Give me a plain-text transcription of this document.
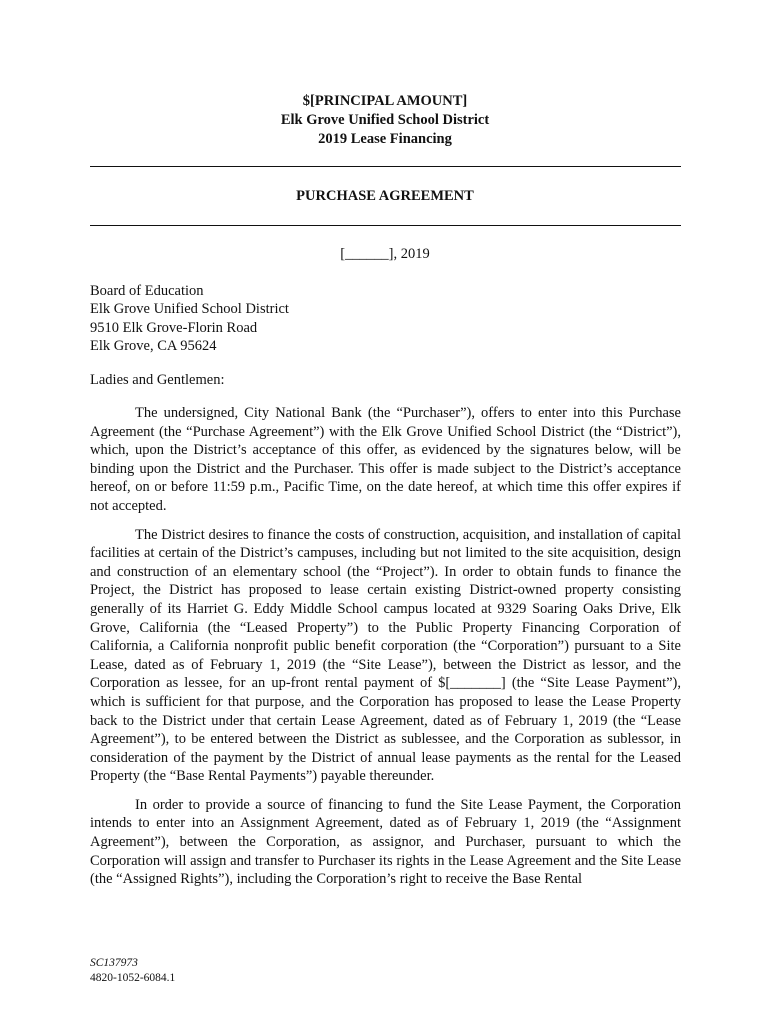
$[PRINCIPAL AMOUNT]
Elk Grove Unified School District
2019 Lease Financing
PURCHASE AGREEMENT
[______], 2019
Board of Education
Elk Grove Unified School District
9510 Elk Grove-Florin Road
Elk Grove, CA 95624
Ladies and Gentlemen:

The undersigned, City National Bank (the “Purchaser”), offers to enter into this Purchase Agreement (the “Purchase Agreement”) with the Elk Grove Unified School District (the “District”), which, upon the District’s acceptance of this offer, as evidenced by the signatures below, will be binding upon the District and the Purchaser. This offer is made subject to the District’s acceptance hereof, on or before 11:59 p.m., Pacific Time, on the date hereof, at which time this offer expires if not accepted.

The District desires to finance the costs of construction, acquisition, and installation of capital facilities at certain of the District’s campuses, including but not limited to the site acquisition, design and construction of an elementary school (the “Project”). In order to obtain funds to finance the Project, the District has proposed to lease certain existing District-owned property consisting generally of its Harriet G. Eddy Middle School campus located at 9329 Soaring Oaks Drive, Elk Grove, California (the “Leased Property”) to the Public Property Financing Corporation of California, a California nonprofit public benefit corporation (the “Corporation”) pursuant to a Site Lease, dated as of February 1, 2019 (the “Site Lease”), between the District as lessor, and the Corporation as lessee, for an up-front rental payment of $[_______] (the “Site Lease Payment”), which is sufficient for that purpose, and the Corporation has proposed to lease the Lease Property back to the District under that certain Lease Agreement, dated as of February 1, 2019 (the “Lease Agreement”), to be entered between the District as sublessee, and the Corporation as sublessor, in consideration of the payment by the District of annual lease payments as the rental for the Leased Property (the “Base Rental Payments”) payable thereunder.

In order to provide a source of financing to fund the Site Lease Payment, the Corporation intends to enter into an Assignment Agreement, dated as of February 1, 2019 (the “Assignment Agreement”), between the Corporation, as assignor, and Purchaser, pursuant to which the Corporation will assign and transfer to Purchaser its rights in the Lease Agreement and the Site Lease (the “Assigned Rights”), including the Corporation’s right to receive the Base Rental

SC137973
4820-1052-6084.1
